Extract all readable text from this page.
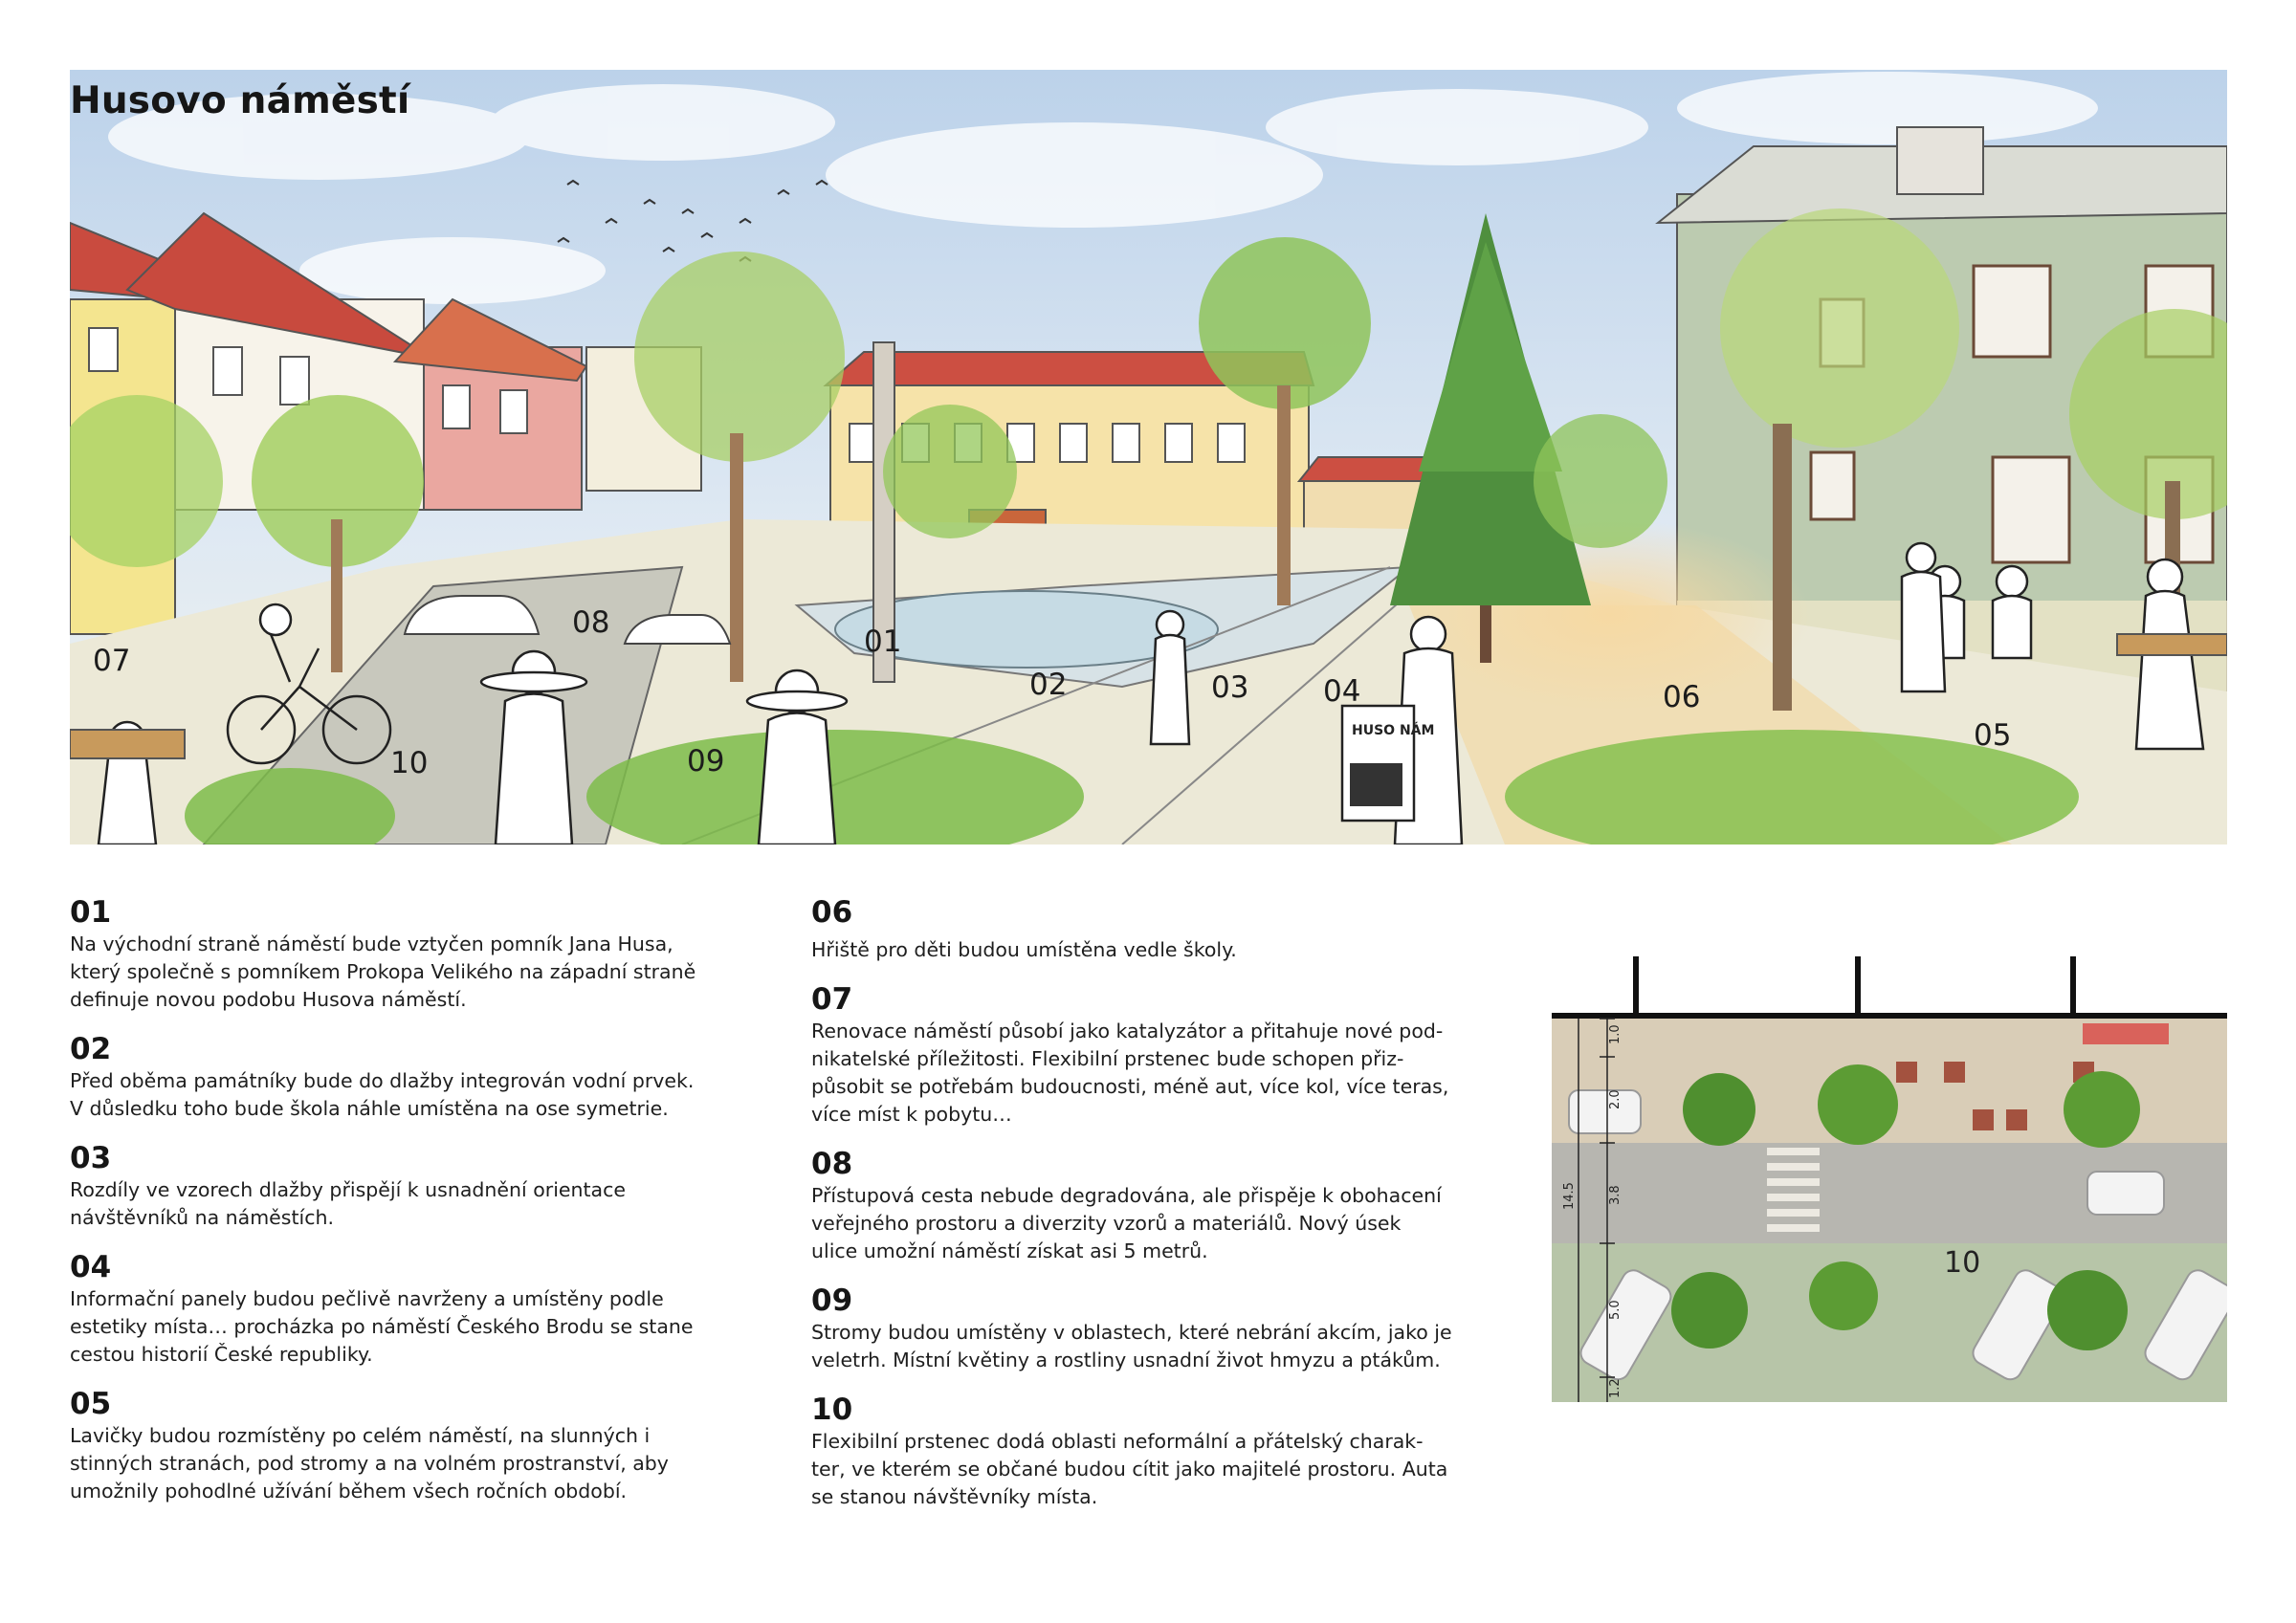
HUSO NÁM
Husovo náměstí
01
02	03	04
05
06
07
08
09
10
01
Na východní straně náměstí bude vztyčen pomník Jana Husa,
který společně s pomníkem Prokopa Velikého na západní straně
definuje novou podobu Husova náměstí.
02
Před oběma památníky bude do dlažby integrován vodní prvek.
V důsledku toho bude škola náhle umístěna na ose symetrie.
03
Rozdíly ve vzorech dlažby přispějí k usnadnění orientace
návštěvníků na náměstích.
04
Informační panely budou pečlivě navrženy a umístěny podle
estetiky místa… procházka po náměstí Českého Brodu se stane
cestou historií České republiky.
05
Lavičky budou rozmístěny po celém náměstí, na slunných i
stinných stranách, pod stromy a na volném prostranství, aby
umožnily pohodlné užívání během všech ročních období.
06
Hřiště pro děti budou umístěna vedle školy.
07
Renovace náměstí působí jako katalyzátor a přitahuje nové pod-
nikatelské příležitosti. Flexibilní prstenec bude schopen přiz-
působit se potřebám budoucnosti, méně aut, více kol, více teras,
více míst k pobytu…
08
Přístupová cesta nebude degradována, ale přispěje k obohacení
veřejného prostoru a diverzity vzorů a materiálů. Nový úsek
ulice umožní náměstí získat asi 5 metrů.
09
Stromy budou umístěny v oblastech, které nebrání akcím, jako je
veletrh. Místní květiny a rostliny usnadní život hmyzu a ptákům.
10
Flexibilní prstenec dodá oblasti neformální a přátelský charak-
ter, ve kterém se občané budou cítit jako majitelé prostoru. Auta
se stanou návštěvníky místa.
1.0
2.0
3.8
5.0
1.2
14.5
10
